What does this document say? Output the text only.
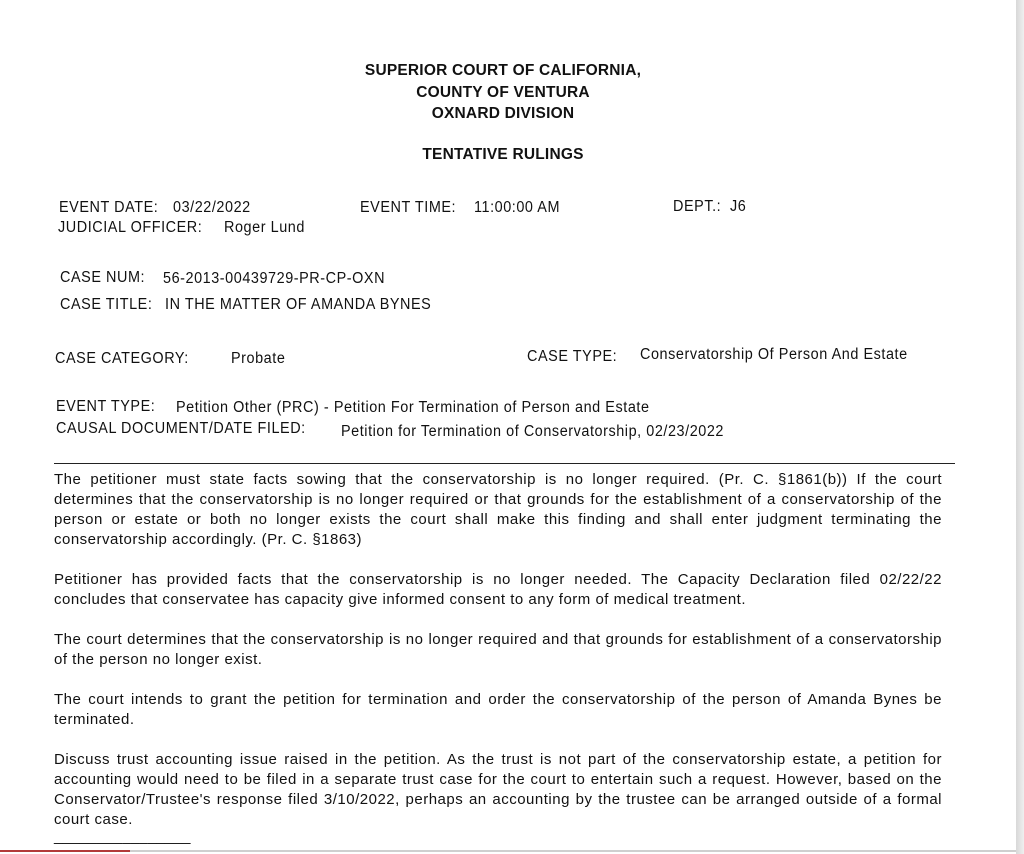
SUPERIOR COURT OF CALIFORNIA,
COUNTY OF VENTURA
OXNARD DIVISION
TENTATIVE RULINGS
EVENT DATE: 03/22/2022	EVENT TIME: 11:00:00 AM	DEPT.: J6
JUDICIAL OFFICER: Roger Lund
CASE NUM: 56-2013-00439729-PR-CP-OXN
CASE TITLE: IN THE MATTER OF AMANDA BYNES
CASE CATEGORY:	Probate	CASE TYPE: Conservatorship Of Person And Estate
EVENT TYPE: Petition Other (PRC) - Petition For Termination of Person and Estate
CAUSAL DOCUMENT/DATE FILED: Petition for Termination of Conservatorship, 02/23/2022
The petitioner must state facts sowing that the conservatorship is no longer required. (Pr. C. §1861(b)) If the court determines that the conservatorship is no longer required or that grounds for the establishment of a conservatorship of the person or estate or both no longer exists the court shall make this finding and shall enter judgment terminating the conservatorship accordingly. (Pr. C. §1863)
Petitioner has provided facts that the conservatorship is no longer needed. The Capacity Declaration filed 02/22/22 concludes that conservatee has capacity give informed consent to any form of medical treatment.
The court determines that the conservatorship is no longer required and that grounds for establishment of a conservatorship of the person no longer exist.
The court intends to grant the petition for termination and order the conservatorship of the person of Amanda Bynes be terminated.
Discuss trust accounting issue raised in the petition. As the trust is not part of the conservatorship estate, a petition for accounting would need to be filed in a separate trust case for the court to entertain such a request. However, based on the Conservator/Trustee's response filed 3/10/2022, perhaps an accounting by the trustee can be arranged outside of a formal court case.
________________
